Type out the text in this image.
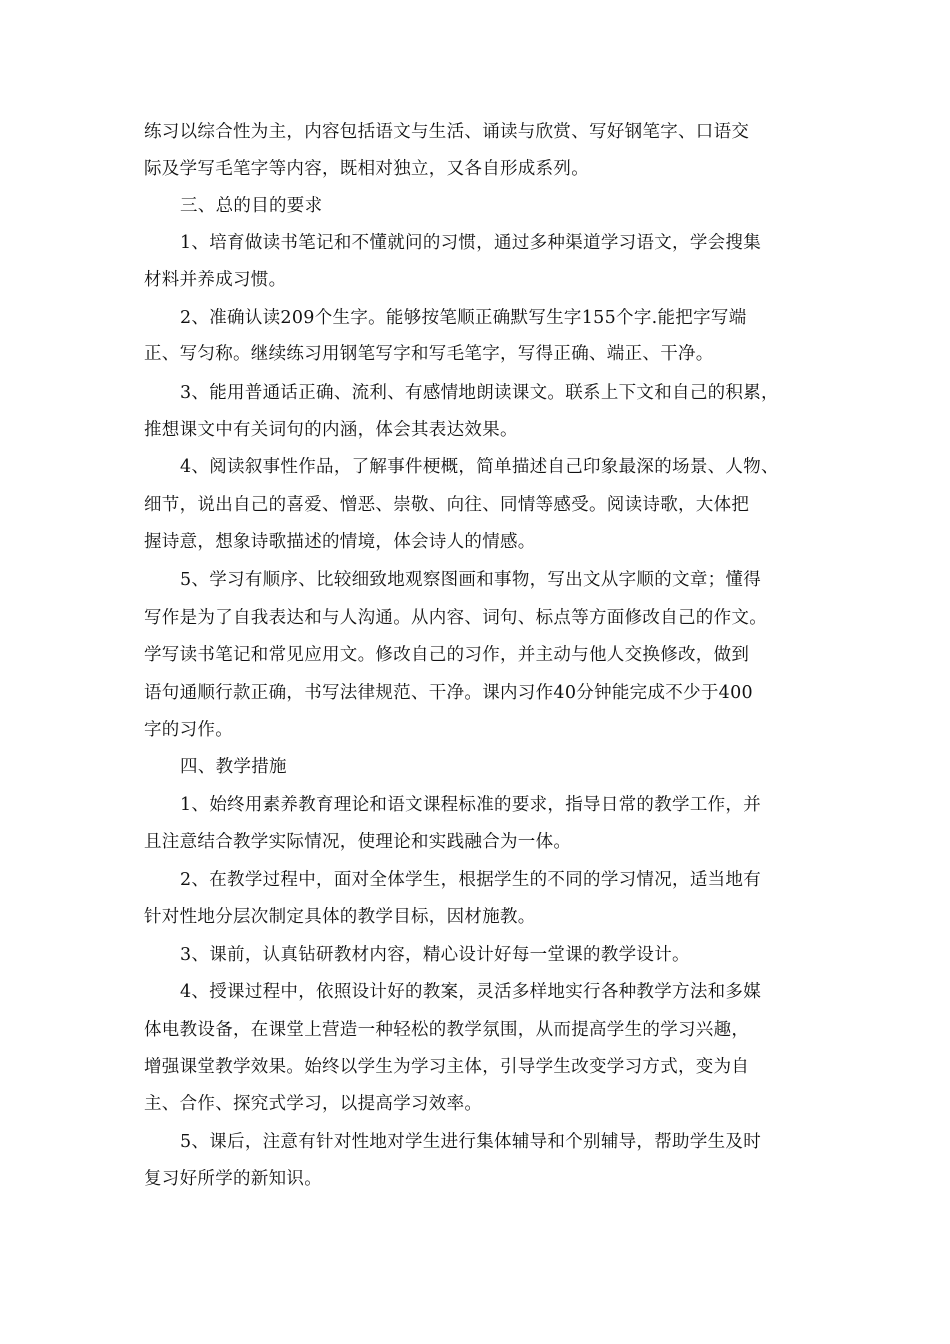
练习以综合性为主，内容包括语文与生活、诵读与欣赏、写好钢笔字、口语交
际及学写毛笔字等内容，既相对独立，又各自形成系列。
三、总的目的要求
1、培育做读书笔记和不懂就问的习惯，通过多种渠道学习语文，学会搜集
材料并养成习惯。
2、准确认读209个生字。能够按笔顺正确默写生字155个字.能把字写端
正、写匀称。继续练习用钢笔写字和写毛笔字，写得正确、端正、干净。
3、能用普通话正确、流利、有感情地朗读课文。联系上下文和自己的积累，
推想课文中有关词句的内涵，体会其表达效果。
4、阅读叙事性作品，了解事件梗概，简单描述自己印象最深的场景、人物、
细节，说出自己的喜爱、憎恶、崇敬、向往、同情等感受。阅读诗歌，大体把
握诗意，想象诗歌描述的情境，体会诗人的情感。
5、学习有顺序、比较细致地观察图画和事物，写出文从字顺的文章；懂得
写作是为了自我表达和与人沟通。从内容、词句、标点等方面修改自己的作文。
学写读书笔记和常见应用文。修改自己的习作，并主动与他人交换修改，做到
语句通顺行款正确，书写法律规范、干净。课内习作40分钟能完成不少于400
字的习作。
四、教学措施
1、始终用素养教育理论和语文课程标准的要求，指导日常的教学工作，并
且注意结合教学实际情况，使理论和实践融合为一体。
2、在教学过程中，面对全体学生，根据学生的不同的学习情况，适当地有
针对性地分层次制定具体的教学目标，因材施教。
3、课前，认真钻研教材内容，精心设计好每一堂课的教学设计。
4、授课过程中，依照设计好的教案，灵活多样地实行各种教学方法和多媒
体电教设备，在课堂上营造一种轻松的教学氛围，从而提高学生的学习兴趣，
增强课堂教学效果。始终以学生为学习主体，引导学生改变学习方式，变为自
主、合作、探究式学习，以提高学习效率。
5、课后，注意有针对性地对学生进行集体辅导和个别辅导，帮助学生及时
复习好所学的新知识。
